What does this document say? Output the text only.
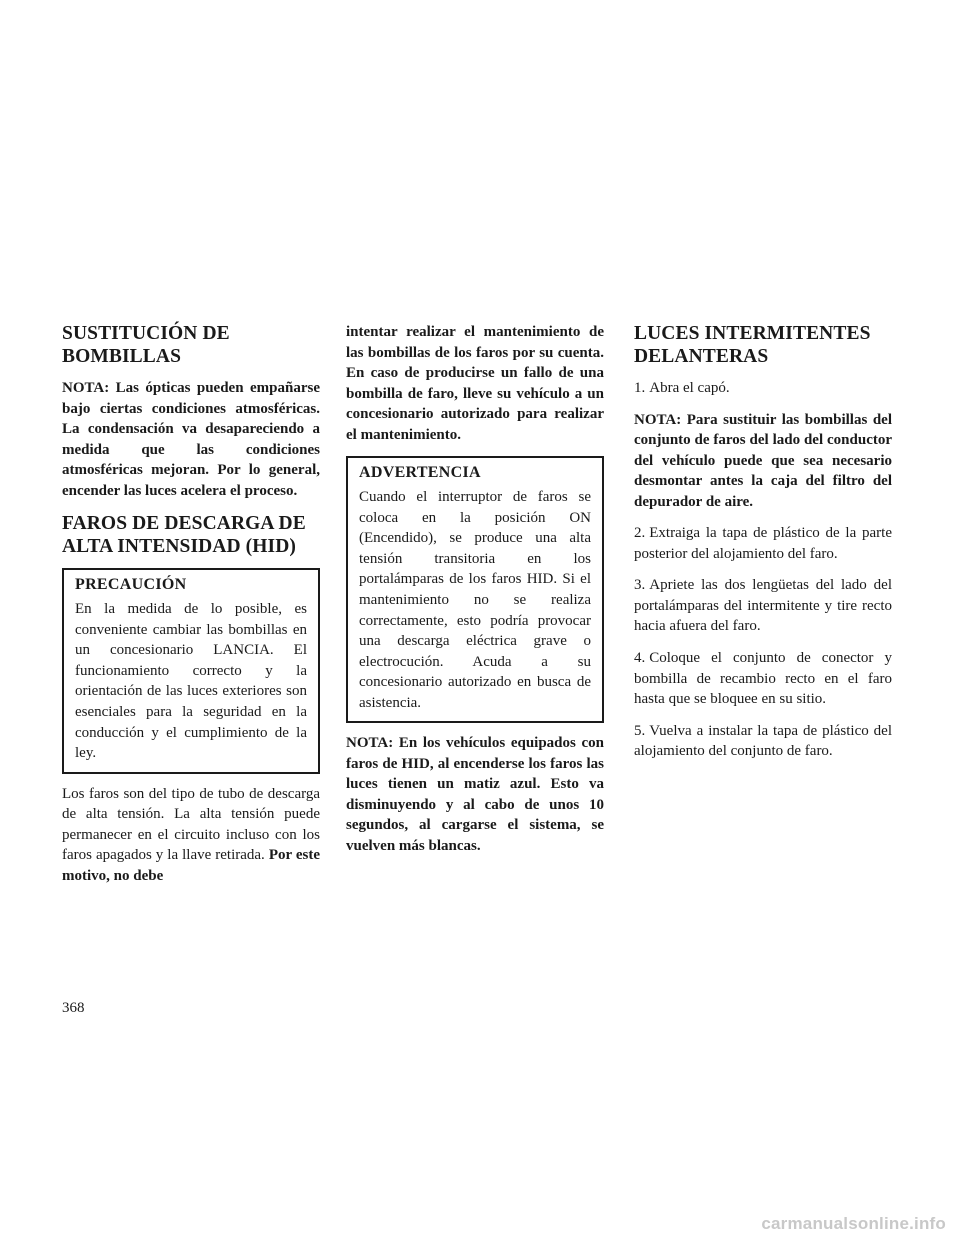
SUSTITUCIÓN DE BOMBILLAS

NOTA: Las ópticas pueden empañarse bajo ciertas condiciones atmosféricas. La condensación va desapareciendo a medida que las condiciones atmosféricas mejoran. Por lo general, encender las luces acelera el proceso.

FAROS DE DESCARGA DE ALTA INTENSIDAD (HID)
PRECAUCIÓN

En la medida de lo posible, es conveniente cambiar las bombillas en un concesionario LANCIA. El funcionamiento correcto y la orientación de las luces exteriores son esenciales para la seguridad en la conducción y el cumplimiento de la ley.

Los faros son del tipo de tubo de descarga de alta tensión. La alta tensión puede permanecer en el circuito incluso con los faros apagados y la llave retirada. Por este motivo, no debe

intentar realizar el mantenimiento de las bombillas de los faros por su cuenta. En caso de producirse un fallo de una bombilla de faro, lleve su vehículo a un concesionario autorizado para realizar el mantenimiento.

ADVERTENCIA

Cuando el interruptor de faros se coloca en la posición ON (Encendido), se produce una alta tensión transitoria en los portalámparas de los faros HID. Si el mantenimiento no se realiza correctamente, esto podría provocar una descarga eléctrica grave o electrocución. Acuda a su concesionario autorizado en busca de asistencia.

NOTA: En los vehículos equipados con faros de HID, al encenderse los faros las luces tienen un matiz azul. Esto va disminuyendo y al cabo de unos 10 segundos, al cargarse el sistema, se vuelven más blancas.

LUCES INTERMITENTES DELANTERAS

1. Abra el capó.

NOTA: Para sustituir las bombillas del conjunto de faros del lado del conductor del vehículo puede que sea necesario desmontar antes la caja del filtro del depurador de aire.

2. Extraiga la tapa de plástico de la parte posterior del alojamiento del faro.

3. Apriete las dos lengüetas del lado del portalámparas del intermitente y tire recto hacia afuera del faro.

4. Coloque el conjunto de conector y bombilla de recambio recto en el faro hasta que se bloquee en su sitio.

5. Vuelva a instalar la tapa de plástico del alojamiento del conjunto de faro.

368
carmanualsonline.info
